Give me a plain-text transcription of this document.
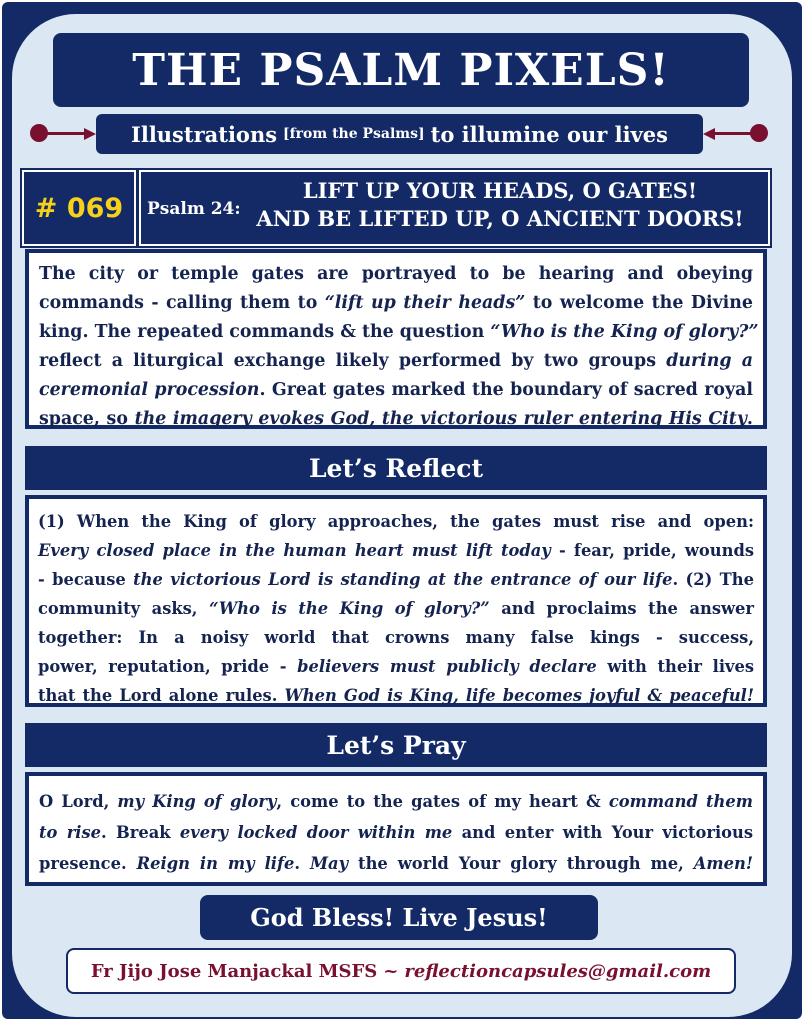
THE PSALM PIXELS!
Illustrations [from the Psalms] to illumine our lives
# 069 Psalm 24:
LIFT UP YOUR HEADS, O GATES!
AND BE LIFTED UP, O ANCIENT DOORS!
The city or temple gates are portrayed to be hearing and obeying
commands - calling them to “lift up their heads” to welcome the Divine
king. The repeated commands & the question “Who is the King of glory?”
reflect a liturgical exchange likely performed by two groups during a
ceremonial procession. Great gates marked the boundary of sacred royal
space, so the imagery evokes God, the victorious ruler entering His City.
Let’s Reflect
(1) When the King of glory approaches, the gates must rise and open:
Every closed place in the human heart must lift today - fear, pride, wounds
- because the victorious Lord is standing at the entrance of our life. (2) The
community asks, “Who is the King of glory?” and proclaims the answer
together: In a noisy world that crowns many false kings - success,
power, reputation, pride - believers must publicly declare with their lives
that the Lord alone rules. When God is King, life becomes joyful & peaceful!
Let’s Pray
O Lord, my King of glory, come to the gates of my heart & command them
to rise. Break every locked door within me and enter with Your victorious
presence. Reign in my life. May the world Your glory through me, Amen!
God Bless! Live Jesus!
Fr Jijo Jose Manjackal MSFS ~ reflectioncapsules@gmail.com
